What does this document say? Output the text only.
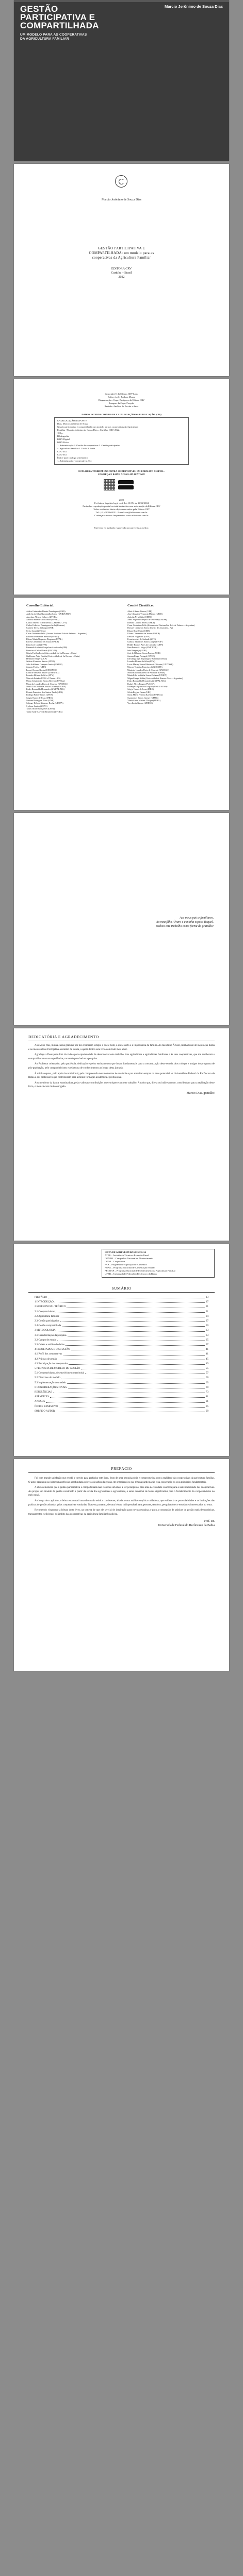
GESTÃO
PARTICIPATIVA E
COMPARTILHADA
UM MODELO PARA AS COOPERATIVAS
DA AGRICULTURA FAMILIAR
Marcio Jerônimo de Souza Dias
Marcio Jerônimo de Souza Dias
GESTÃO PARTICIPATIVA E
COMPARTILHADA: um modelo para as
cooperativas da Agricultura Familiar
EDITORA CRV
Curitiba – Brasil
2022
Copyright © da Editora CRV Ltda.
Editor-chefe: Railson Moura
Diagramação e Capa: Designers da Editora CRV
Imagem da Capa: Freepik
Revisão: Analista de Escrita e Artes
DADOS INTERNACIONAIS DE CATALOGAÇÃO NA PUBLICAÇÃO (CIP)
CATALOGAÇÃO NA FONTE
Dias, Marcio Jerônimo de Souza
Gestão participativa e compartilhada: um modelo para as cooperativas da Agricultura
Familiar / Marcio Jerônimo de Souza Dias – Curitiba: CRV, 2022.
100 p.
Bibliografia
ISBN Digital
ISBN Físico
1. Administração 2. Gestão de cooperativas 3. Gestão participativa
4. Agricultura familiar I. Título II. Série
CDU 334
CDD 334
Índice para catálogo sistemático
1. Administração - cooperativas 334
ESTA OBRA TAMBÉM ENCONTRA-SE DISPONÍVEL EM FORMATO DIGITAL.
CONHEÇA E BAIXE NOSSO APLICATIVO!
2022
Foi feito o depósito legal conf. Lei 10.994 de 14/12/2004
Proibida a reprodução parcial ou total desta obra sem autorização da Editora CRV
Todos os direitos desta edição reservados pela Editora CRV
Tel.: (41) 3039-6418 – E-mail: sac@editoracrv.com.br
Conheça os nossos lançamentos: www.editoracrv.com.br
Este livro foi avaliado e aprovado por pareceristas ad hoc.
Conselho Editorial:	Comitê Científico:
Aldira Guimarães Duarte Domínguez (UNB)
Andréia da Silva Quintanilha Sousa (UNIR/UFRN)
Anselmo Alencar Colares (UFOPA)
Antônio Pereira Gaio Júnior (UFRRJ)
Carlos Alberto Vilar Estêvão (UMINHO – PT)
Carlos Federico Domínguez Avila (Unieuro)
Carmen Tereza Velanga (UNIR)
Celso Conti (UFSCar)
Cesar Gerónimo Tello (Univer. Nacional Três de Febrero – Argentina)
Eduardo Fernandes Barbosa (UFMG)
Elione Maria Nogueira Diogenes (UFAL)
Elizeu Clementino de Souza (UNEB)
Élsio José Corá (UFFS)
Fernando Antônio Gonçalves Alcoforado (IPB)
Francisco Carlos Duarte (PUC-PR)
Gloria Fariñas León (Universidade de La Havana – Cuba)
Guillermo Arias Beatón (Universidade de La Havana – Cuba)
Helmuth Krüger (UCP)
Jailson Alves dos Santos (UFRJ)
João Adalberto Campato Junior (UNESP)
Josania Portela (UFPI)
Leonel Severo Rocha (UNISINOS)
Lídia de Oliveira Xavier (UNIEURO)
Lourdes Helena da Silva (UFV)
Marcelo Paixão (UFRJ e UTexas – US)
Maria Cristina dos Santos Bezerra (UFSCar)
Maria de Lourdes Pinto de Almeida (UNOESC)
Maria Lília Imbiriba Sousa Colares (UFOPA)
Paulo Romualdo Hernandes (UNIFAL-MG)
Renato Francisco dos Santos Paula (UFG)
Rodrigo Pratte-Santos (UFES)
Sérgio Nunes de Jesus (IFRO)
Simone Rodrigues Pinto (UNB)
Solange Helena Ximenes-Rocha (UFOPA)
Sydione Santos (UEPG)
Tadeu Oliver Gonçalves (UFPA)
Tania Suely Azevedo Brasileiro (UFOPA)
Altair Alberto Fávero (UPF)
Ana Chrystina Venancio Mignot (UERJ)
Andréia N. Militão (UEMS)
Anna Augusta Sampaio de Oliveira (UNESP)
Barbara Coelho Neves (UFBA)
Cesar Gerónimo Tello (Universidad Nacional de Três de Febrero – Argentina)
Diosnel Centurion (Univ Americ. de Asunción – Py)
Eliane Rose Maio (UEM)
Elizeu Clementino de Souza (UNEB)
Fauston Negreiros (UFPI)
Francisco Ari de Andrade (UFC)
Gláucia Maria dos Santos Jorge (UFOP)
Helder Buenos Aires de Carvalho (UFPI)
Ilma Passos A. Veiga (UNICEUB)
Inês Bragança (UERJ)
José de Ribamar Sousa Pereira (UCB)
Jussara Fraga Portugal (UNEB)
Kilwangy Kya Kapitango-a-Samba (Unemat)
Lourdes Helena da Silva (UFV)
Lucia Marisy Souza Ribeiro de Oliveira (UNIVASF)
Marcos Vinicius Francisco (UNOESTE)
Maria de Lourdes Pinto de Almeida (UNOESC)
Maria Eurácia Barreto de Andrade (UFRB)
Maria Lília Imbiriba Sousa Colares (UFOPA)
Míguel Ángel Zalba (Universidad de Buenos Aires – Argentina)
Paulo Romualdo Hernandes (UNIFAL-MG)
Rafael Alves Borges (PUC-SP)
Rosângela Aparecida Volpato (UNICENTRO)
Sérgio Nunes de Jesus (IFRO)
Silvia Regina Canan (URI)
Sonia Maria Ferreira Koehler (UNISAL)
Suzana dos Santos Gomes (UFMG)
Vânia Alves Martins Chaigar (FURG)
Vera Lucia Gaspar (UDESC)
Aos meus pais e familiares,
Ao meu filho Álvaro e a minha esposa Raquel,
Dedico este trabalho como forma de gratidão!
DEDICATÓRIA E AGRADECIMENTO

Aos Meus Pais, minha eterna gratidão por me ensinarem sempre o que é bom, o que é certo e a importância da família. Ao meu filho Álvaro, minha fonte de inspiração diária e ao meu saudoso Pai Djalma Jerônimo de Souza, a quem dedico este livro com todo meu amor.

Agradeço a Deus pelo dom da vida e pela oportunidade de desenvolver este trabalho. Aos agricultores e agricultoras familiares e às suas cooperativas, que me acolheram e compartilharam suas experiências, tornando possível esta pesquisa.

Ao Professor orientador, pela paciência, dedicação e pelos ensinamentos que foram fundamentais para a concretização deste estudo. Aos colegas e amigos do programa de pós-graduação, pelo companheirismo e pela troca de conhecimentos ao longo desta jornada.

À minha esposa, pelo apoio incondicional, pela compreensão nos momentos de ausência e por acreditar sempre no meu potencial. À Universidade Federal do Recôncavo da Bahia e aos professores que contribuíram para a minha formação acadêmica e profissional.

Aos membros da banca examinadora, pelas valiosas contribuições que enriqueceram este trabalho. A todos que, direta ou indiretamente, contribuíram para a realização deste livro, o meu sincero muito obrigado.

Marcio Dias. gratidão!
LISTA DE ABREVIATURAS E SIGLAS
ATER – Assistência Técnica e Extensão Rural
CONAB – Companhia Nacional de Abastecimento
COOP – Cooperativa
PAA – Programa de Aquisição de Alimentos
PNAE – Programa Nacional de Alimentação Escolar
PRONAF – Programa Nacional de Fortalecimento da Agricultura Familiar
UFRB – Universidade Federal do Recôncavo da Bahia
SUMÁRIO
PREFÁCIO	13
1 INTRODUÇÃO	17
2 REFERENCIAL TEÓRICO	21
2.1 Cooperativismo	21
2.2 Agricultura familiar	24
2.3 Gestão participativa	27
2.4 Gestão compartilhada	30
3 METODOLOGIA	33
3.1 Caracterização da pesquisa	33
3.2 Campo de estudo	35
3.3 Coleta e análise de dados	37
4 RESULTADOS E DISCUSSÃO	41
4.1 Perfil das cooperativas	41
4.2 Práticas de gestão	45
4.3 Participação dos cooperados	49
5 PROPOSTA DE MODELO DE GESTÃO	55
5.1 Cooperativismo, desenvolvimento territorial	57
5.2 Diretrizes do modelo	60
5.3 Implementação do modelo	63
6 CONSIDERAÇÕES FINAIS	69
REFERÊNCIAS	73
APÊNDICES	81
ANEXOS	91
ÍNDICE REMISSIVO	95
SOBRE O AUTOR	99
PREFÁCIO

Foi com grande satisfação que recebi o convite para prefaciar este livro, fruto de uma pesquisa séria e comprometida com a realidade das cooperativas da agricultura familiar. O autor apresenta ao leitor uma reflexão aprofundada sobre os desafios da gestão em organizações que têm na participação e na cooperação os seus princípios fundamentais.

A obra demonstra que a gestão participativa e compartilhada não é apenas um ideal a ser perseguido, mas uma necessidade concreta para a sustentabilidade das cooperativas. Ao propor um modelo de gestão construído a partir da escuta dos agricultores e agricultoras, o autor contribui de forma significativa para o fortalecimento do cooperativismo no meio rural.

Ao longo dos capítulos, o leitor encontrará uma discussão teórica consistente, aliada a uma análise empírica cuidadosa, que evidencia as potencialidades e as limitações das práticas de gestão adotadas pelas cooperativas estudadas. Trata-se, portanto, de uma leitura indispensável para gestores, técnicos, pesquisadores e estudantes interessados no tema.

Recomendo vivamente a leitura deste livro, na certeza de que ele servirá de inspiração para novas pesquisas e para a construção de práticas de gestão mais democráticas, transparentes e eficientes no âmbito das cooperativas da agricultura familiar brasileira.

Prof. Dr.
Universidade Federal do Recôncavo da Bahia
